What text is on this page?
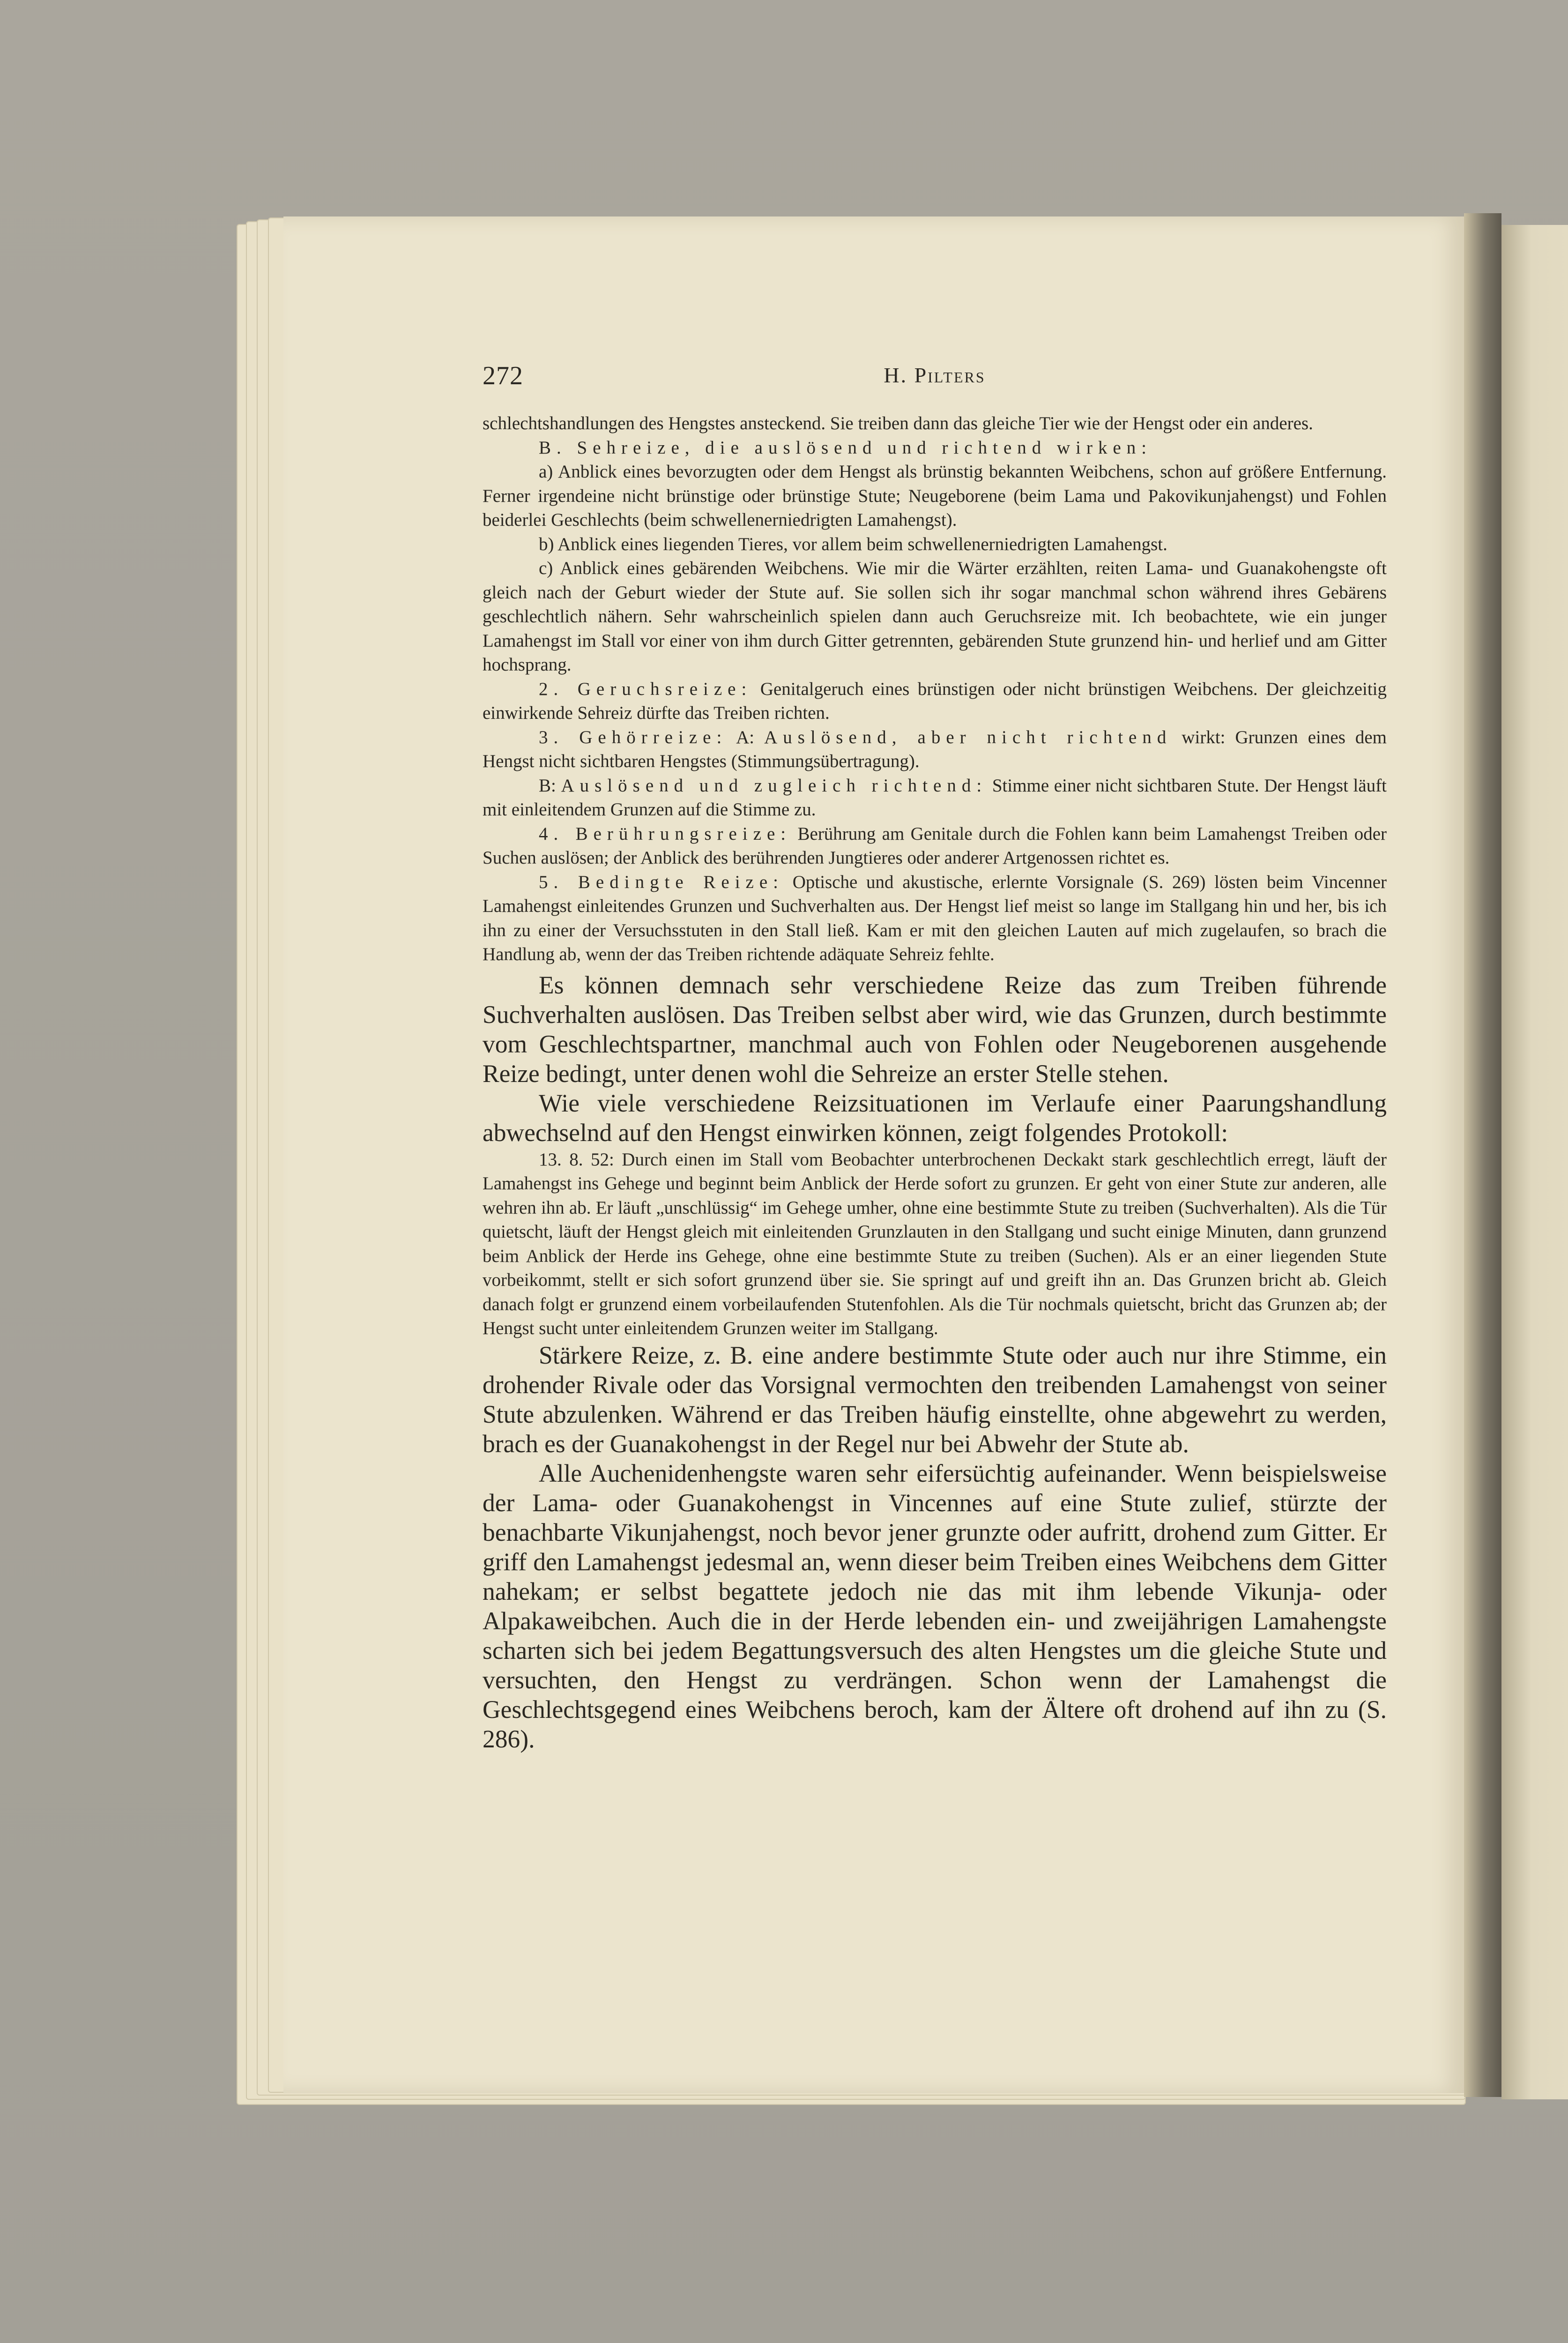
272	H. Pilters

schlechtshandlungen des Hengstes ansteckend. Sie treiben dann das gleiche Tier wie der Hengst oder ein anderes.

B. Sehreize, die auslösend und richtend wirken:

a) Anblick eines bevorzugten oder dem Hengst als brünstig bekannten Weibchens, schon auf größere Entfernung. Ferner irgendeine nicht brünstige oder brünstige Stute; Neugeborene (beim Lama und Pakovikunjahengst) und Fohlen beiderlei Geschlechts (beim schwellenerniedrigten Lamahengst).

b) Anblick eines liegenden Tieres, vor allem beim schwellenerniedrigten Lamahengst.

c) Anblick eines gebärenden Weibchens. Wie mir die Wärter erzählten, reiten Lama- und Guanakohengste oft gleich nach der Geburt wieder der Stute auf. Sie sollen sich ihr sogar manchmal schon während ihres Gebärens geschlechtlich nähern. Sehr wahrscheinlich spielen dann auch Geruchsreize mit. Ich beobachtete, wie ein junger Lamahengst im Stall vor einer von ihm durch Gitter getrennten, gebärenden Stute grunzend hin- und herlief und am Gitter hochsprang.

2. Geruchsreize: Genitalgeruch eines brünstigen oder nicht brünstigen Weibchens. Der gleichzeitig einwirkende Sehreiz dürfte das Treiben richten.

3. Gehörreize: A: Auslösend, aber nicht richtend wirkt: Grunzen eines dem Hengst nicht sichtbaren Hengstes (Stimmungsübertragung).

B: Auslösend und zugleich richtend: Stimme einer nicht sichtbaren Stute. Der Hengst läuft mit einleitendem Grunzen auf die Stimme zu.

4. Berührungsreize: Berührung am Genitale durch die Fohlen kann beim Lamahengst Treiben oder Suchen auslösen; der Anblick des berührenden Jungtieres oder anderer Artgenossen richtet es.

5. Bedingte Reize: Optische und akustische, erlernte Vorsignale (S. 269) lösten beim Vincenner Lamahengst einleitendes Grunzen und Suchverhalten aus. Der Hengst lief meist so lange im Stallgang hin und her, bis ich ihn zu einer der Versuchsstuten in den Stall ließ. Kam er mit den gleichen Lauten auf mich zugelaufen, so brach die Handlung ab, wenn der das Treiben richtende adäquate Sehreiz fehlte.

Es können demnach sehr verschiedene Reize das zum Treiben führende Suchverhalten auslösen. Das Treiben selbst aber wird, wie das Grunzen, durch bestimmte vom Geschlechtspartner, manchmal auch von Fohlen oder Neugeborenen ausgehende Reize bedingt, unter denen wohl die Sehreize an erster Stelle stehen.

Wie viele verschiedene Reizsituationen im Verlaufe einer Paarungshandlung abwechselnd auf den Hengst einwirken können, zeigt folgendes Protokoll:

13. 8. 52: Durch einen im Stall vom Beobachter unterbrochenen Deckakt stark geschlechtlich erregt, läuft der Lamahengst ins Gehege und beginnt beim Anblick der Herde sofort zu grunzen. Er geht von einer Stute zur anderen, alle wehren ihn ab. Er läuft „unschlüssig“ im Gehege umher, ohne eine bestimmte Stute zu treiben (Suchverhalten). Als die Tür quietscht, läuft der Hengst gleich mit einleitenden Grunzlauten in den Stallgang und sucht einige Minuten, dann grunzend beim Anblick der Herde ins Gehege, ohne eine bestimmte Stute zu treiben (Suchen). Als er an einer liegenden Stute vorbeikommt, stellt er sich sofort grunzend über sie. Sie springt auf und greift ihn an. Das Grunzen bricht ab. Gleich danach folgt er grunzend einem vorbeilaufenden Stutenfohlen. Als die Tür nochmals quietscht, bricht das Grunzen ab; der Hengst sucht unter einleitendem Grunzen weiter im Stallgang.

Stärkere Reize, z. B. eine andere bestimmte Stute oder auch nur ihre Stimme, ein drohender Rivale oder das Vorsignal vermochten den treibenden Lamahengst von seiner Stute abzulenken. Während er das Treiben häufig einstellte, ohne abgewehrt zu werden, brach es der Guanakohengst in der Regel nur bei Abwehr der Stute ab.

Alle Auchenidenhengste waren sehr eifersüchtig aufeinander. Wenn beispielsweise der Lama- oder Guanakohengst in Vincennes auf eine Stute zulief, stürzte der benachbarte Vikunjahengst, noch bevor jener grunzte oder aufritt, drohend zum Gitter. Er griff den Lamahengst jedesmal an, wenn dieser beim Treiben eines Weibchens dem Gitter nahekam; er selbst begattete jedoch nie das mit ihm lebende Vikunja- oder Alpakaweibchen. Auch die in der Herde lebenden ein- und zweijährigen Lamahengste scharten sich bei jedem Begattungsversuch des alten Hengstes um die gleiche Stute und versuchten, den Hengst zu verdrängen. Schon wenn der Lamahengst die Geschlechtsgegend eines Weibchens beroch, kam der Ältere oft drohend auf ihn zu (S. 286).
